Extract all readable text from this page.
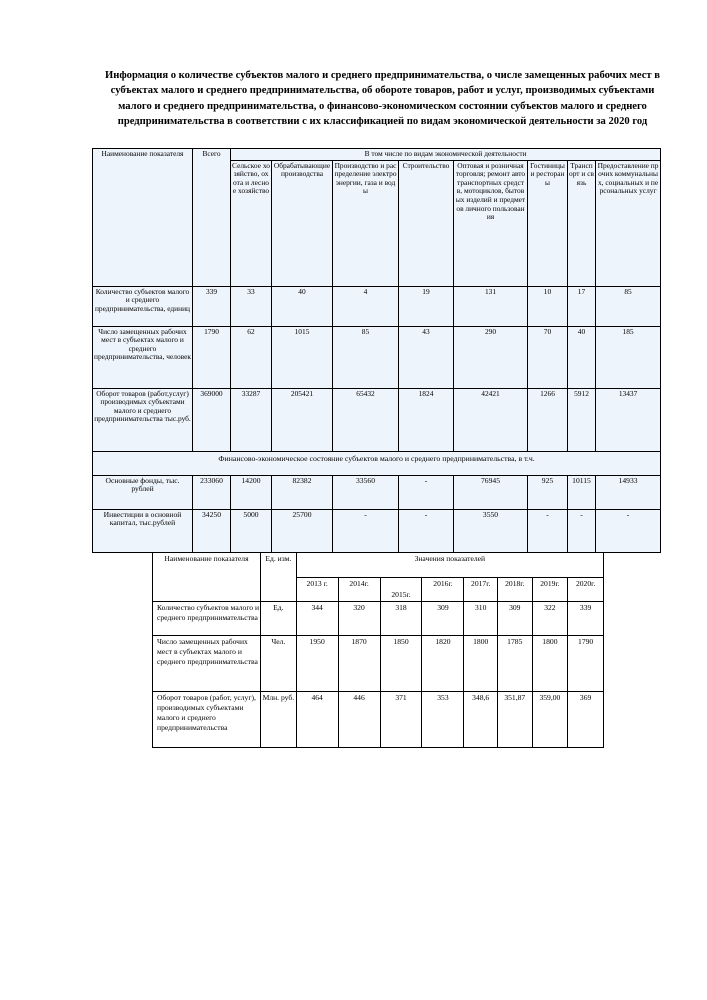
Информация о количестве субъектов малого и среднего предпринимательства, о числе замещенных рабочих мест в субъектах малого и среднего предпринимательства, об обороте товаров, работ и услуг, производимых субъектами малого и среднего предпринимательства, о финансово-экономическом состоянии субъектов малого и среднего предпринимательства в соответствии с их классификацией по видам экономической деятельности за 2020 год
Наименование показателя	Всего	В том числе по видам экономической деятельности							
		Сельское хозяйство, охота и лесное хозяйство	Обрабатывающие производства	Производство и распределение электроэнергии, газа и воды	Строительство	Оптовая и розничная торговля; ремонт автотранспортных средств, мотоциклов, бытовых изделий и предметов личного пользования	Гостиницы и рестораны	Транспорт и связь	Предоставление прочих коммунальных, социальных и персональных услуг
Количество субъектов малого и среднего предпринимательства, единиц	339	33	40	4	19	131	10	17	85
Число замещенных рабочих мест в субъектах малого и среднего предпринимательства, человек	1790	62	1015	85	43	290	70	40	185
Оборот товаров (работ,услуг) производимых субъектами малого и среднего предпринимательства тыс.руб.	369000	33287	205421	65432	1824	42421	1266	5912	13437
Финансово-экономическое состояние субъектов малого и среднего предпринимательства, в т.ч.									
Основные фонды, тыс. рублей	233060	14200	82382	33560	-	76945	925	10115	14933
Инвестиции в основной капитал, тыс.рублей	34250	5000	25700	-	-	3550	-	-	-
Наименование показателя	Ед. изм.	Значения показателей							
		2013 г.	2014г.	2015г.	2016г.	2017г.	2018г.	2019г.	2020г.
Количество субъектов малого и среднего предпринимательства	Ед.	344	320	318	309	310	309	322	339
Число замещенных рабочих мест в субъектах малого и среднего предпринимательства	Чел.	1950	1870	1850	1820	1800	1785	1800	1790
Оборот товаров (работ, услуг), производимых субъектами малого и среднего предпринимательства	Млн. руб.	464	446	371	353	348,6	351,87	359,00	369
